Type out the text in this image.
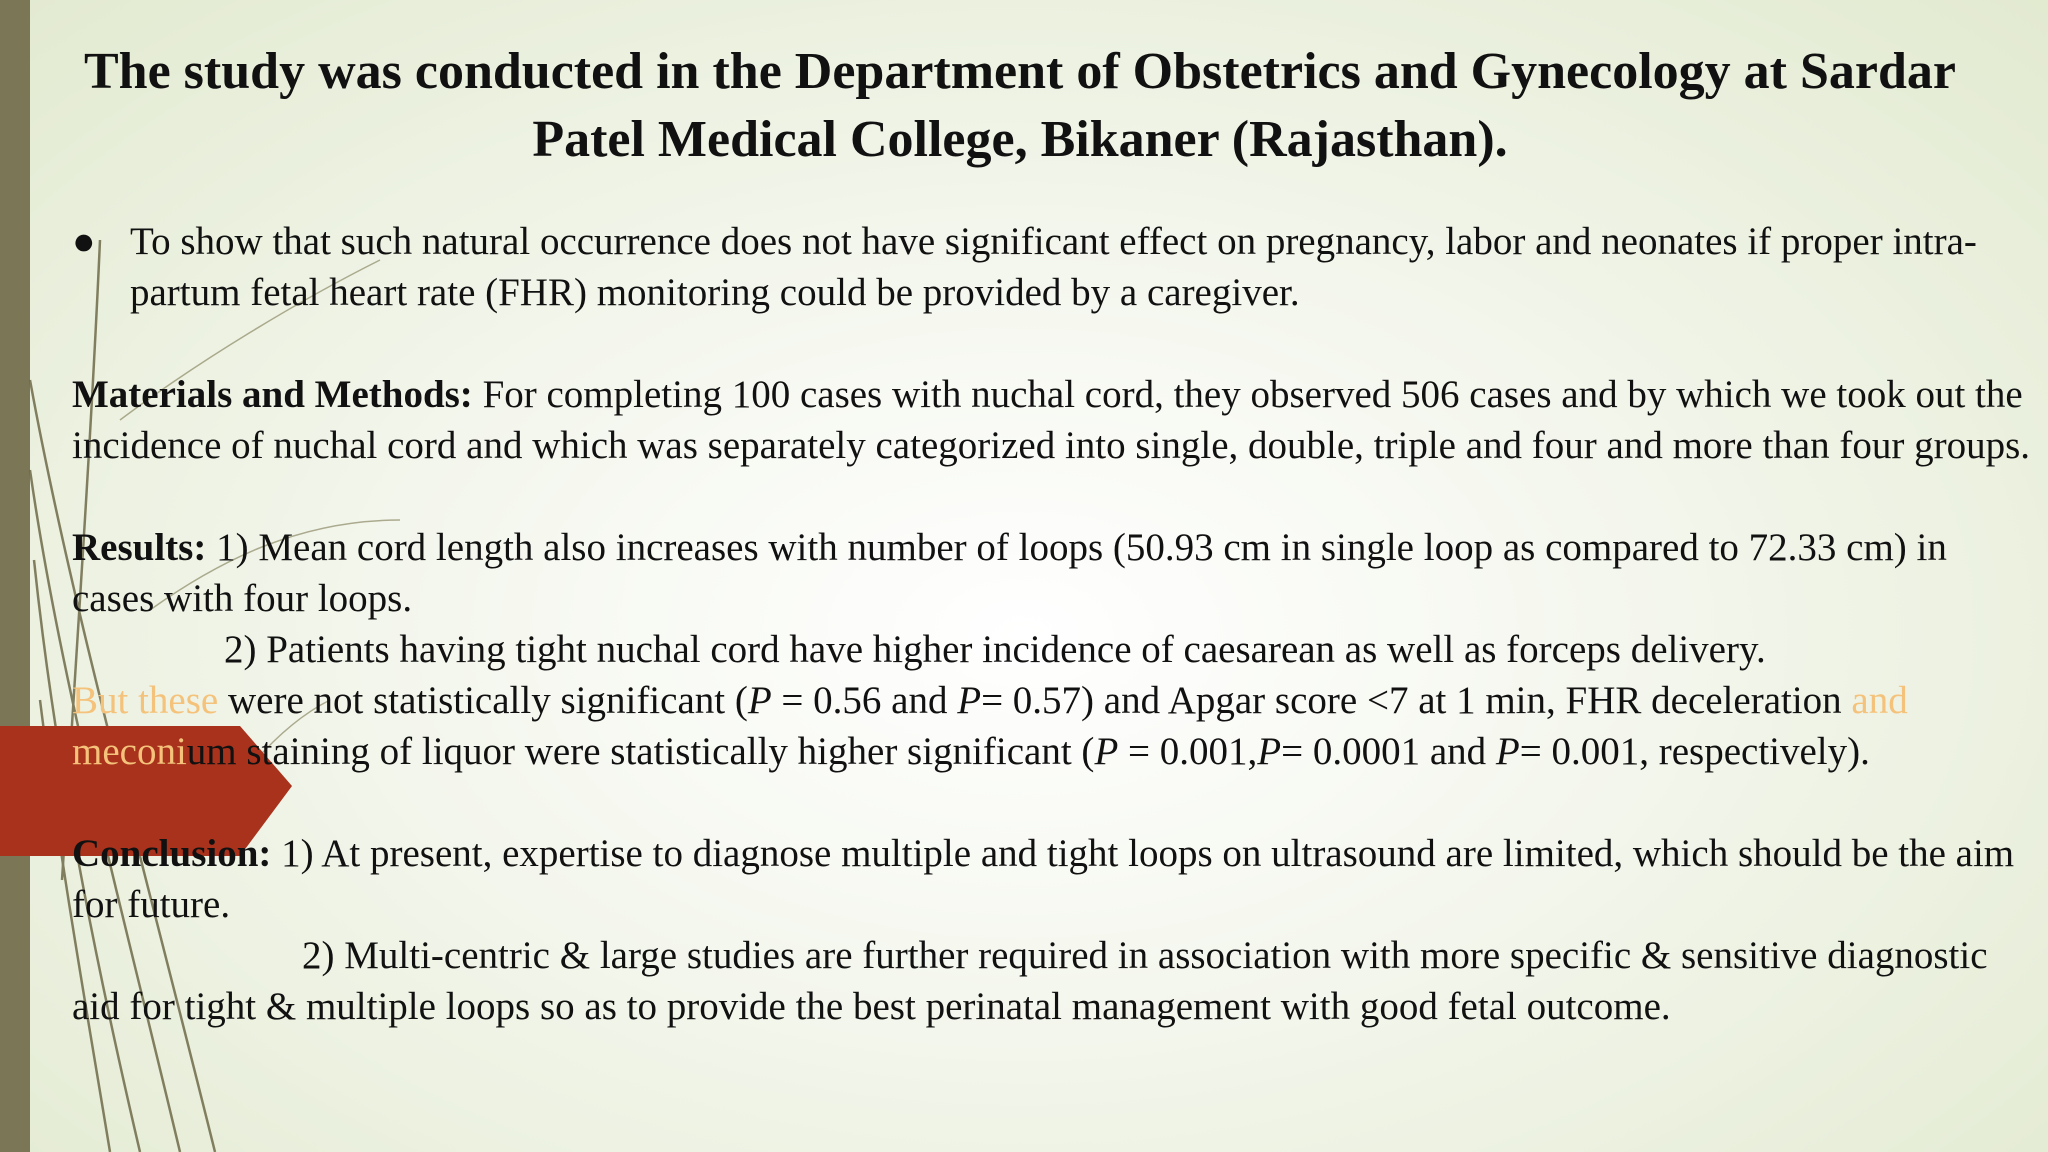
The study was conducted in the Department of Obstetrics and Gynecology at Sardar Patel Medical College, Bikaner (Rajasthan).
● To show that such natural occurrence does not have significant effect on pregnancy, labor and neonates if proper intra-partum fetal heart rate (FHR) monitoring could be provided by a caregiver.

Materials and Methods: For completing 100 cases with nuchal cord, they observed 506 cases and by which we took out the incidence of nuchal cord and which was separately categorized into single, double, triple and four and more than four groups.

Results: 1) Mean cord length also increases with number of loops (50.93 cm in single loop as compared to 72.33 cm) in cases with four loops.

2) Patients having tight nuchal cord have higher incidence of caesarean as well as forceps delivery.

But these were not statistically significant (P = 0.56 and P= 0.57) and Apgar score <7 at 1 min, FHR deceleration and meconium staining of liquor were statistically higher significant (P = 0.001,P= 0.0001 and P= 0.001, respectively).

Conclusion: 1) At present, expertise to diagnose multiple and tight loops on ultrasound are limited, which should be the aim for future.

2) Multi-centric & large studies are further required in association with more specific & sensitive diagnostic aid for tight & multiple loops so as to provide the best perinatal management with good fetal outcome.
